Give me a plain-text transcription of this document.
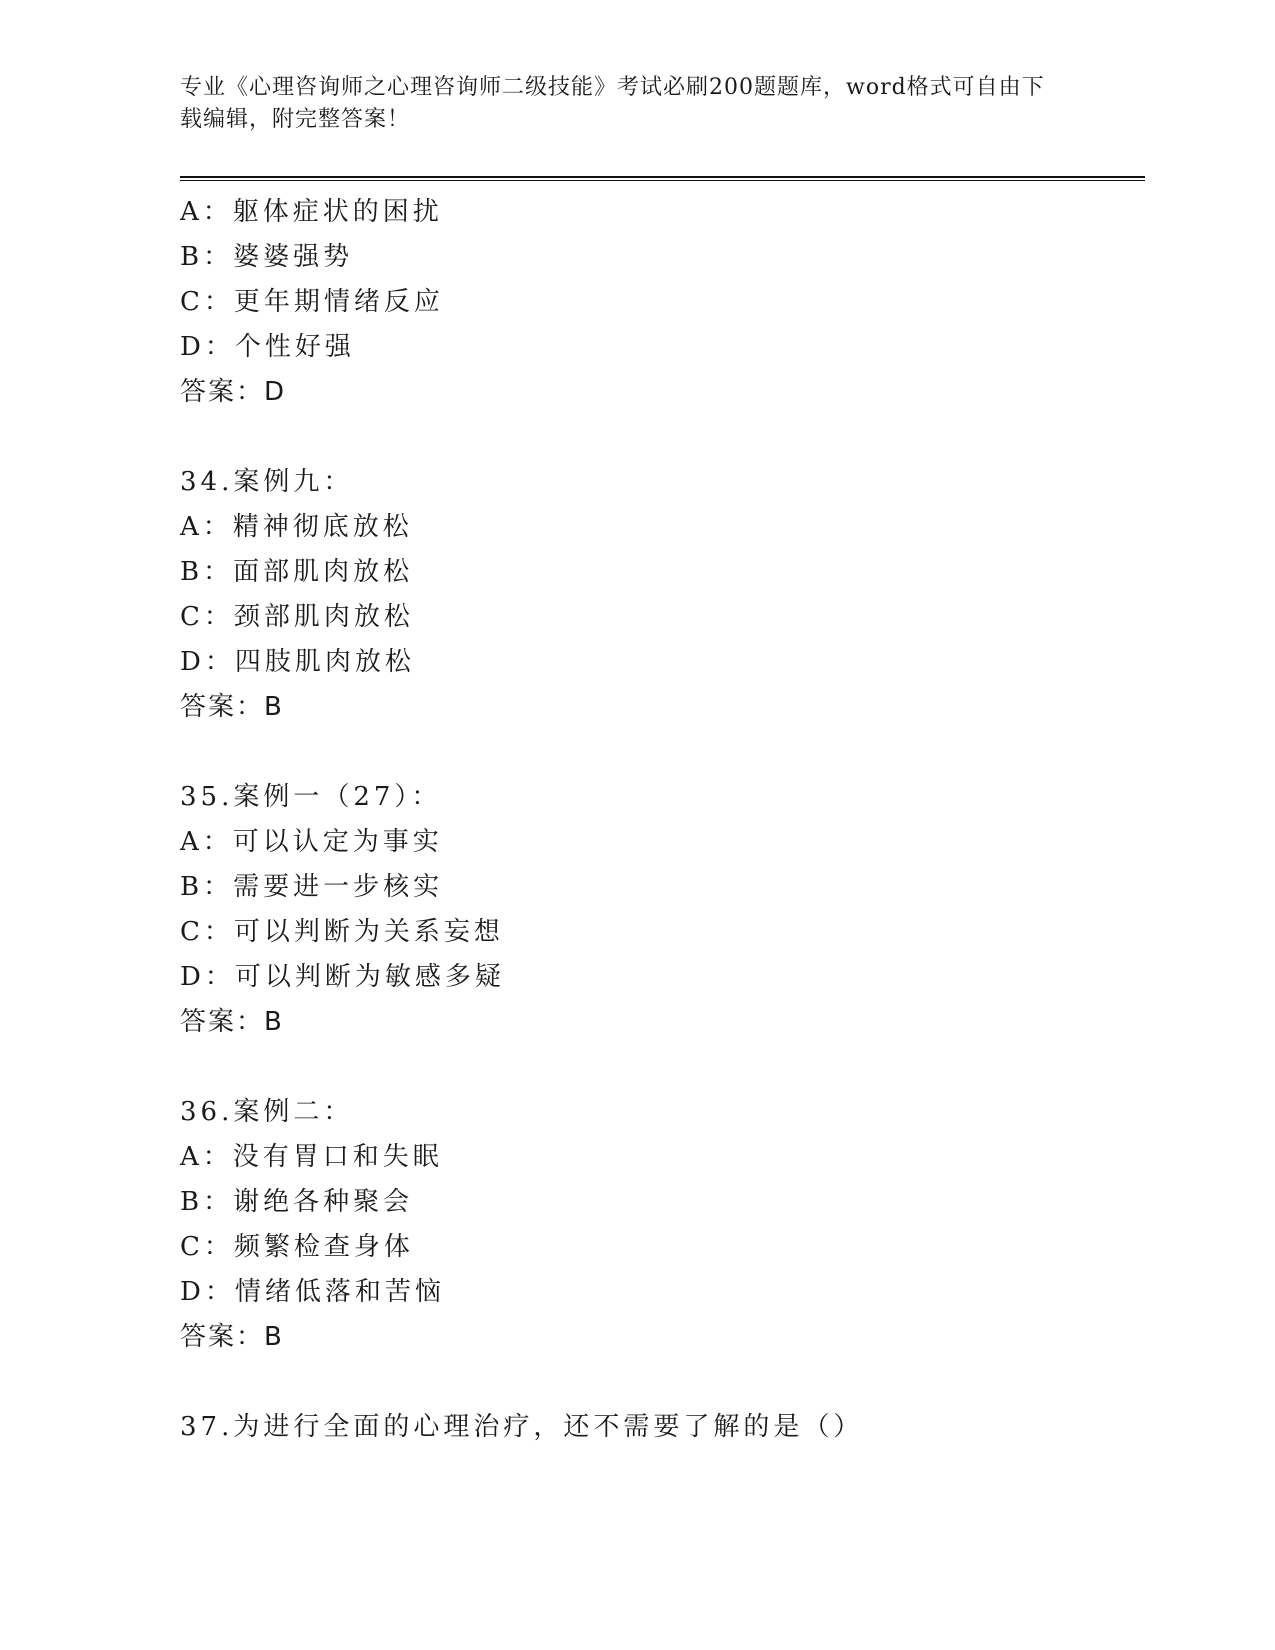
专业《心理咨询师之心理咨询师二级技能》考试必刷200题题库，word格式可自由下载编辑，附完整答案！
A：躯体症状的困扰
B：婆婆强势
C：更年期情绪反应
D：个性好强
答案：D
34.案例九：
A：精神彻底放松
B：面部肌肉放松
C：颈部肌肉放松
D：四肢肌肉放松
答案：B
35.案例一（27）：
A：可以认定为事实
B：需要进一步核实
C：可以判断为关系妄想
D：可以判断为敏感多疑
答案：B
36.案例二：
A：没有胃口和失眠
B：谢绝各种聚会
C：频繁检查身体
D：情绪低落和苦恼
答案：B
37.为进行全面的心理治疗，还不需要了解的是（）
